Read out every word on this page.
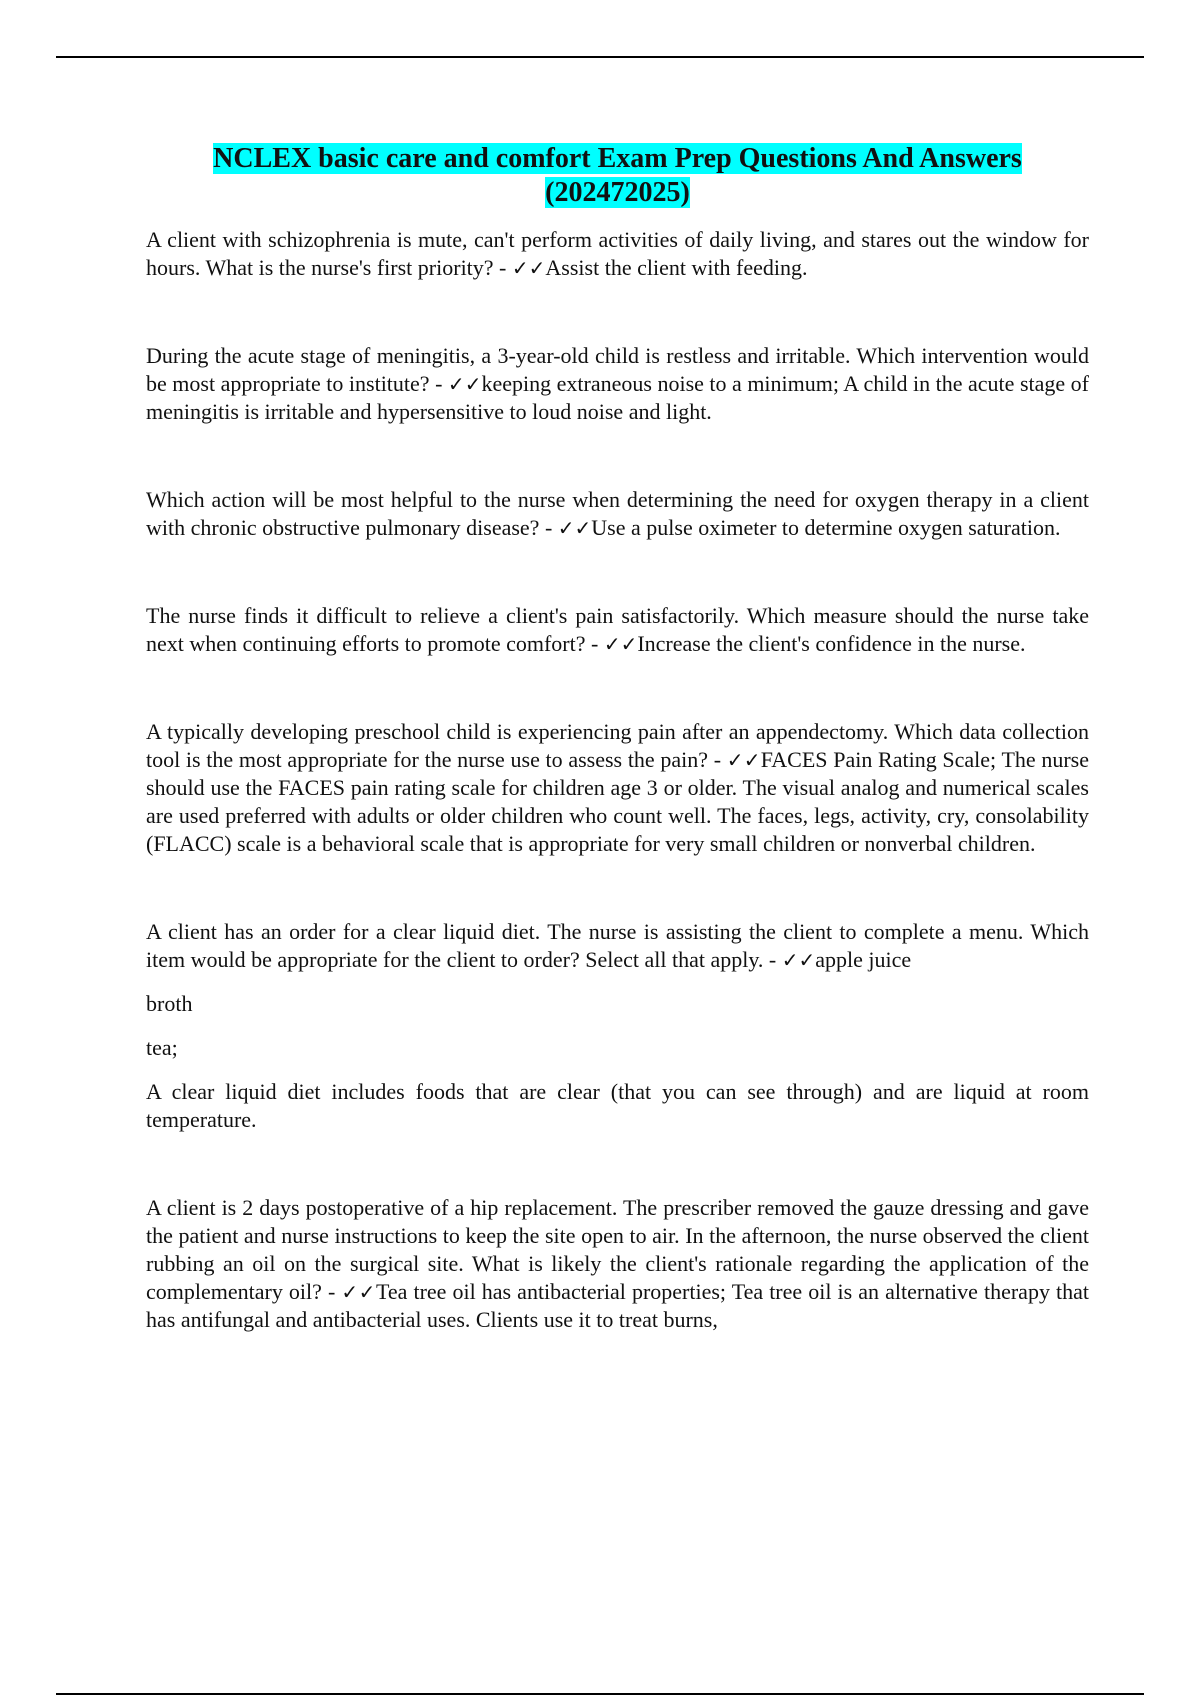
NCLEX basic care and comfort Exam Prep Questions And Answers
(202472025)

A client with schizophrenia is mute, can't perform activities of daily living, and stares out the window for hours. What is the nurse's first priority? - ✓✓Assist the client with feeding.

During the acute stage of meningitis, a 3-year-old child is restless and irritable. Which intervention would be most appropriate to institute? - ✓✓keeping extraneous noise to a minimum; A child in the acute stage of meningitis is irritable and hypersensitive to loud noise and light.

Which action will be most helpful to the nurse when determining the need for oxygen therapy in a client with chronic obstructive pulmonary disease? - ✓✓Use a pulse oximeter to determine oxygen saturation.

The nurse finds it difficult to relieve a client's pain satisfactorily. Which measure should the nurse take next when continuing efforts to promote comfort? - ✓✓Increase the client's confidence in the nurse.

A typically developing preschool child is experiencing pain after an appendectomy. Which data collection tool is the most appropriate for the nurse use to assess the pain? - ✓✓FACES Pain Rating Scale; The nurse should use the FACES pain rating scale for children age 3 or older. The visual analog and numerical scales are used preferred with adults or older children who count well. The faces, legs, activity, cry, consolability (FLACC) scale is a behavioral scale that is appropriate for very small children or nonverbal children.

A client has an order for a clear liquid diet. The nurse is assisting the client to complete a menu. Which item would be appropriate for the client to order? Select all that apply. - ✓✓apple juice

broth

tea;

A clear liquid diet includes foods that are clear (that you can see through) and are liquid at room temperature.

A client is 2 days postoperative of a hip replacement. The prescriber removed the gauze dressing and gave the patient and nurse instructions to keep the site open to air. In the afternoon, the nurse observed the client rubbing an oil on the surgical site. What is likely the client's rationale regarding the application of the complementary oil? - ✓✓Tea tree oil has antibacterial properties; Tea tree oil is an alternative therapy that has antifungal and antibacterial uses. Clients use it to treat burns,
